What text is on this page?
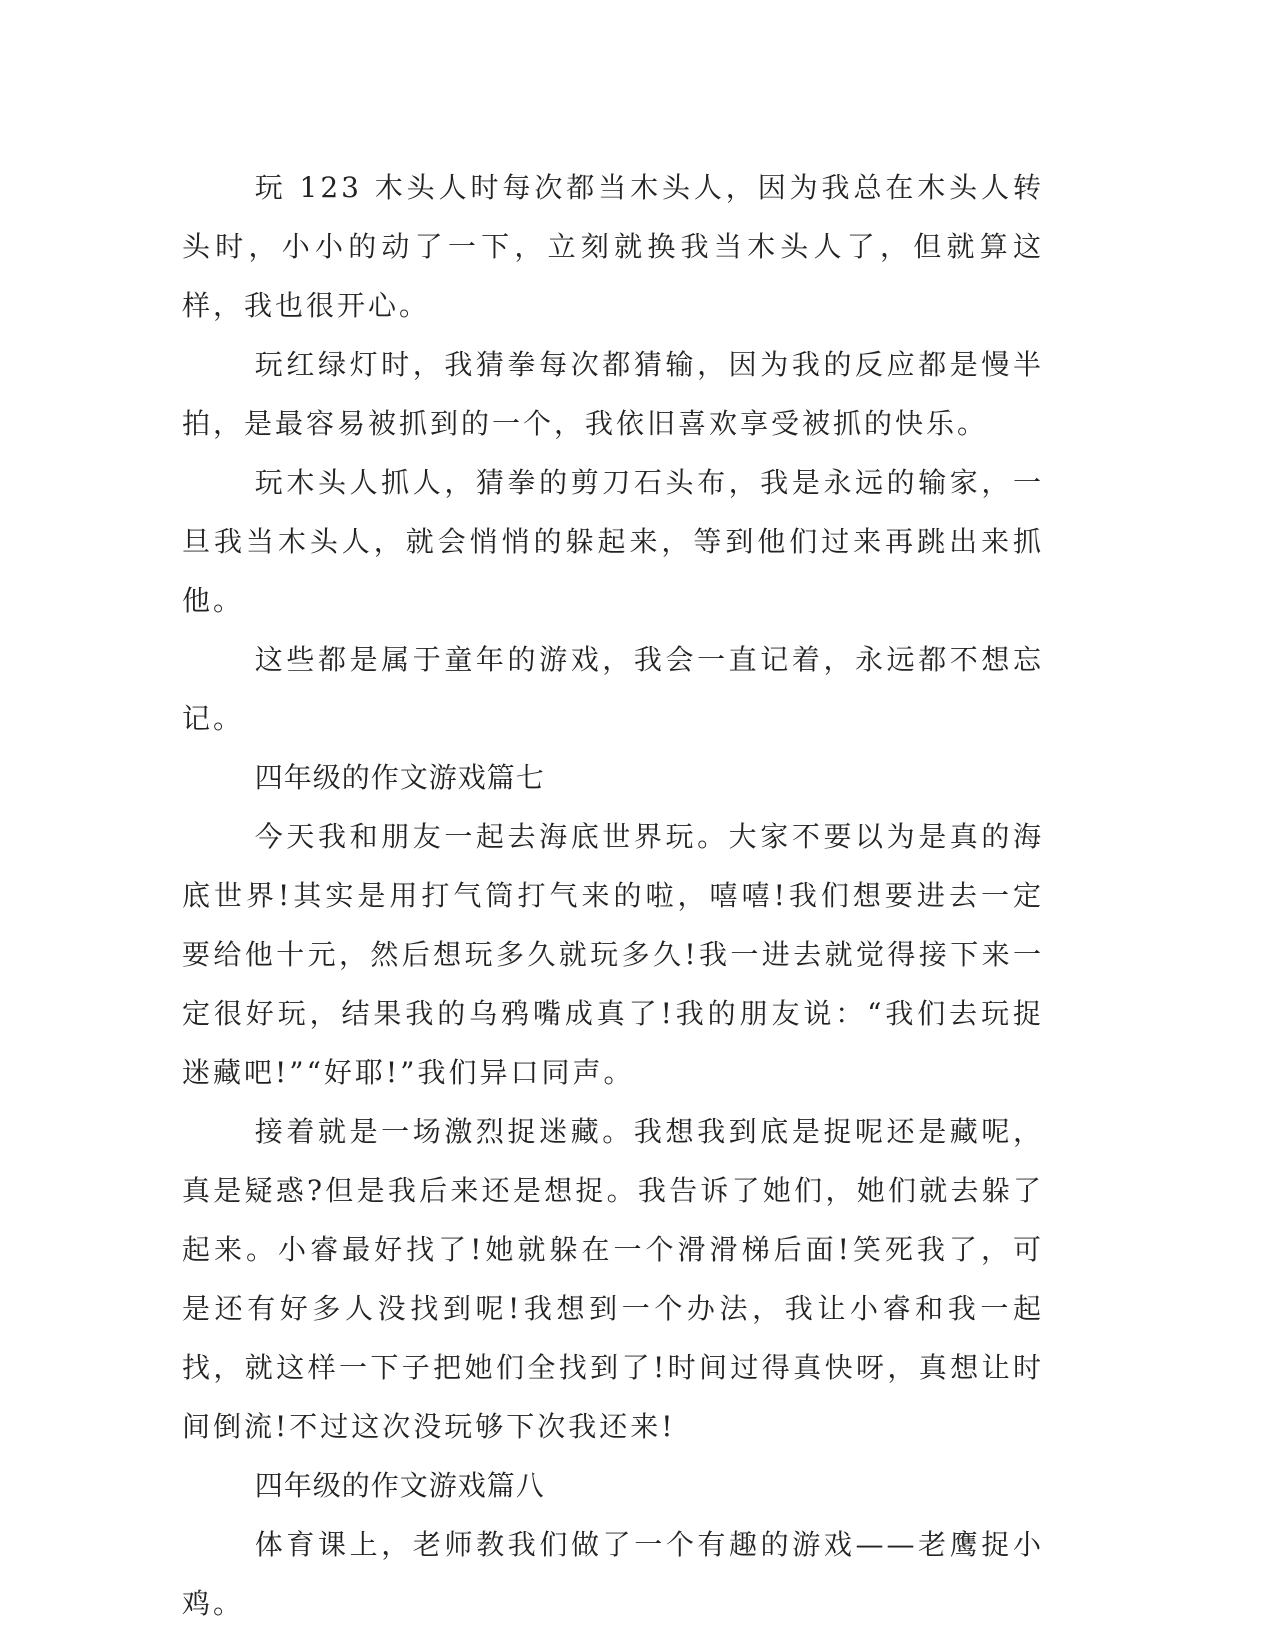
玩 123 木头人时每次都当木头人，因为我总在木头人转头时，小小的动了一下，立刻就换我当木头人了，但就算这样，我也很开心。

玩红绿灯时，我猜拳每次都猜输，因为我的反应都是慢半拍，是最容易被抓到的一个，我依旧喜欢享受被抓的快乐。

玩木头人抓人，猜拳的剪刀石头布，我是永远的输家，一旦我当木头人，就会悄悄的躲起来，等到他们过来再跳出来抓他。

这些都是属于童年的游戏，我会一直记着，永远都不想忘记。

四年级的作文游戏篇七

今天我和朋友一起去海底世界玩。大家不要以为是真的海底世界!其实是用打气筒打气来的啦，嘻嘻!我们想要进去一定要给他十元，然后想玩多久就玩多久!我一进去就觉得接下来一定很好玩，结果我的乌鸦嘴成真了!我的朋友说：“我们去玩捉迷藏吧!”“好耶!”我们异口同声。

接着就是一场激烈捉迷藏。我想我到底是捉呢还是藏呢，真是疑惑?但是我后来还是想捉。我告诉了她们，她们就去躲了起来。小睿最好找了!她就躲在一个滑滑梯后面!笑死我了，可是还有好多人没找到呢!我想到一个办法，我让小睿和我一起找，就这样一下子把她们全找到了!时间过得真快呀，真想让时间倒流!不过这次没玩够下次我还来!

四年级的作文游戏篇八

体育课上，老师教我们做了一个有趣的游戏——老鹰捉小鸡。
